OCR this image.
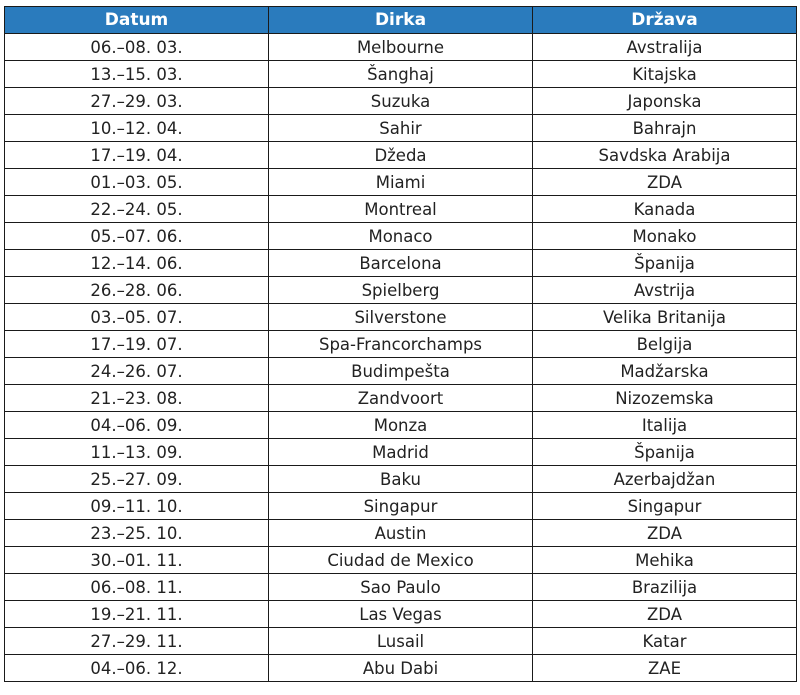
Datum	Dirka	Država
06.–08. 03.	Melbourne	Avstralija
13.–15. 03.	Šanghaj	Kitajska
27.–29. 03.	Suzuka	Japonska
10.–12. 04.	Sahir	Bahrajn
17.–19. 04.	Džeda	Savdska Arabija
01.–03. 05.	Miami	ZDA
22.–24. 05.	Montreal	Kanada
05.–07. 06.	Monaco	Monako
12.–14. 06.	Barcelona	Španija
26.–28. 06.	Spielberg	Avstrija
03.–05. 07.	Silverstone	Velika Britanija
17.–19. 07.	Spa-Francorchamps	Belgija
24.–26. 07.	Budimpešta	Madžarska
21.–23. 08.	Zandvoort	Nizozemska
04.–06. 09.	Monza	Italija
11.–13. 09.	Madrid	Španija
25.–27. 09.	Baku	Azerbajdžan
09.–11. 10.	Singapur	Singapur
23.–25. 10.	Austin	ZDA
30.–01. 11.	Ciudad de Mexico	Mehika
06.–08. 11.	Sao Paulo	Brazilija
19.–21. 11.	Las Vegas	ZDA
27.–29. 11.	Lusail	Katar
04.–06. 12.	Abu Dabi	ZAE
